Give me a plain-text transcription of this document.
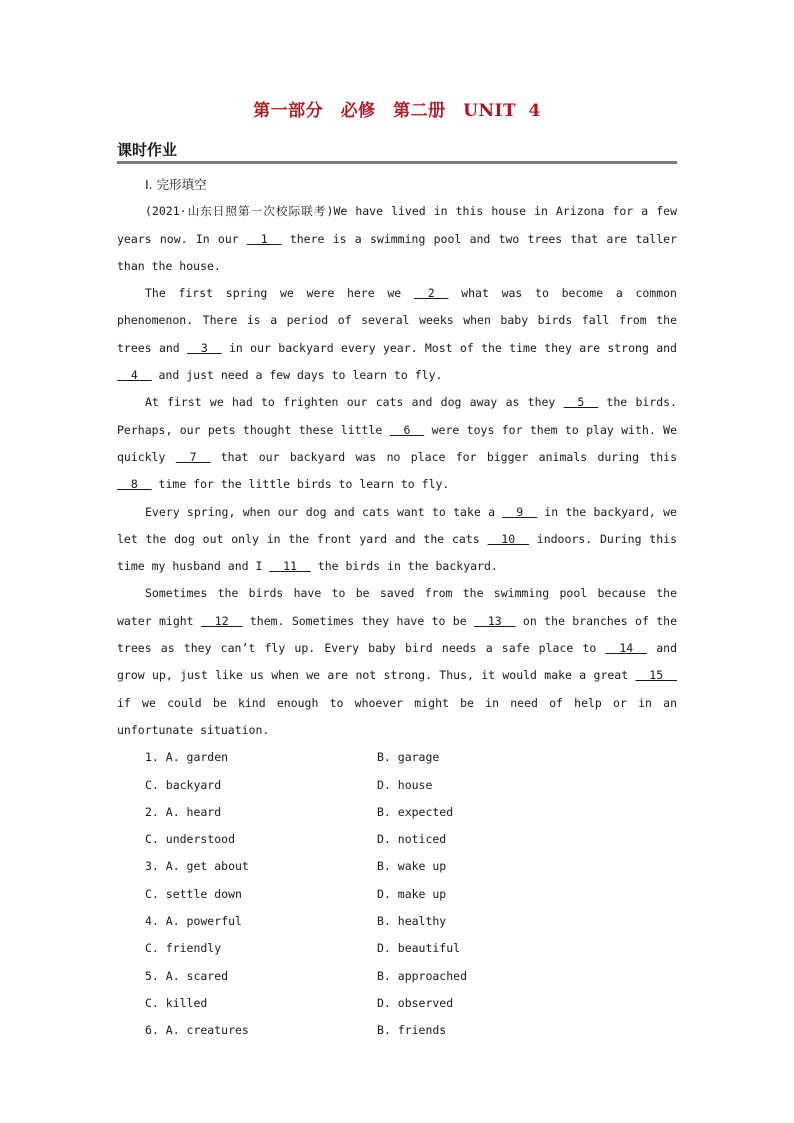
第一部分　必修　第二册　UNIT 4
课时作业
Ⅰ. 完形填空

(2021·山东日照第一次校际联考)We have lived in this house in Arizona for a few years now. In our   1   there is a swimming pool and two trees that are taller than the house.

The first spring we were here we   2   what was to become a common phenomenon. There is a period of several weeks when baby birds fall from the trees and   3   in our backyard every year. Most of the time they are strong and   4   and just need a few days to learn to fly.

At first we had to frighten our cats and dog away as they   5   the birds. Perhaps, our pets thought these little   6   were toys for them to play with. We quickly   7   that our backyard was no place for bigger animals during this   8   time for the little birds to learn to fly.

Every spring, when our dog and cats want to take a   9   in the backyard, we let the dog out only in the front yard and the cats   10   indoors. During this time my husband and I   11   the birds in the backyard.

Sometimes the birds have to be saved from the swimming pool because the water might   12   them. Sometimes they have to be   13   on the branches of the trees as they can’t fly up. Every baby bird needs a safe place to   14   and grow up, just like us when we are not strong. Thus, it would make a great   15   if we could be kind enough to whoever might be in need of help or in an unfortunate situation.

1. A. garden	B. garage
C. backyard	D. house
2. A. heard	B. expected
C. understood	D. noticed
3. A. get about	B. wake up
C. settle down	D. make up
4. A. powerful	B. healthy
C. friendly	D. beautiful
5. A. scared	B. approached
C. killed	D. observed
6. A. creatures	B. friends
